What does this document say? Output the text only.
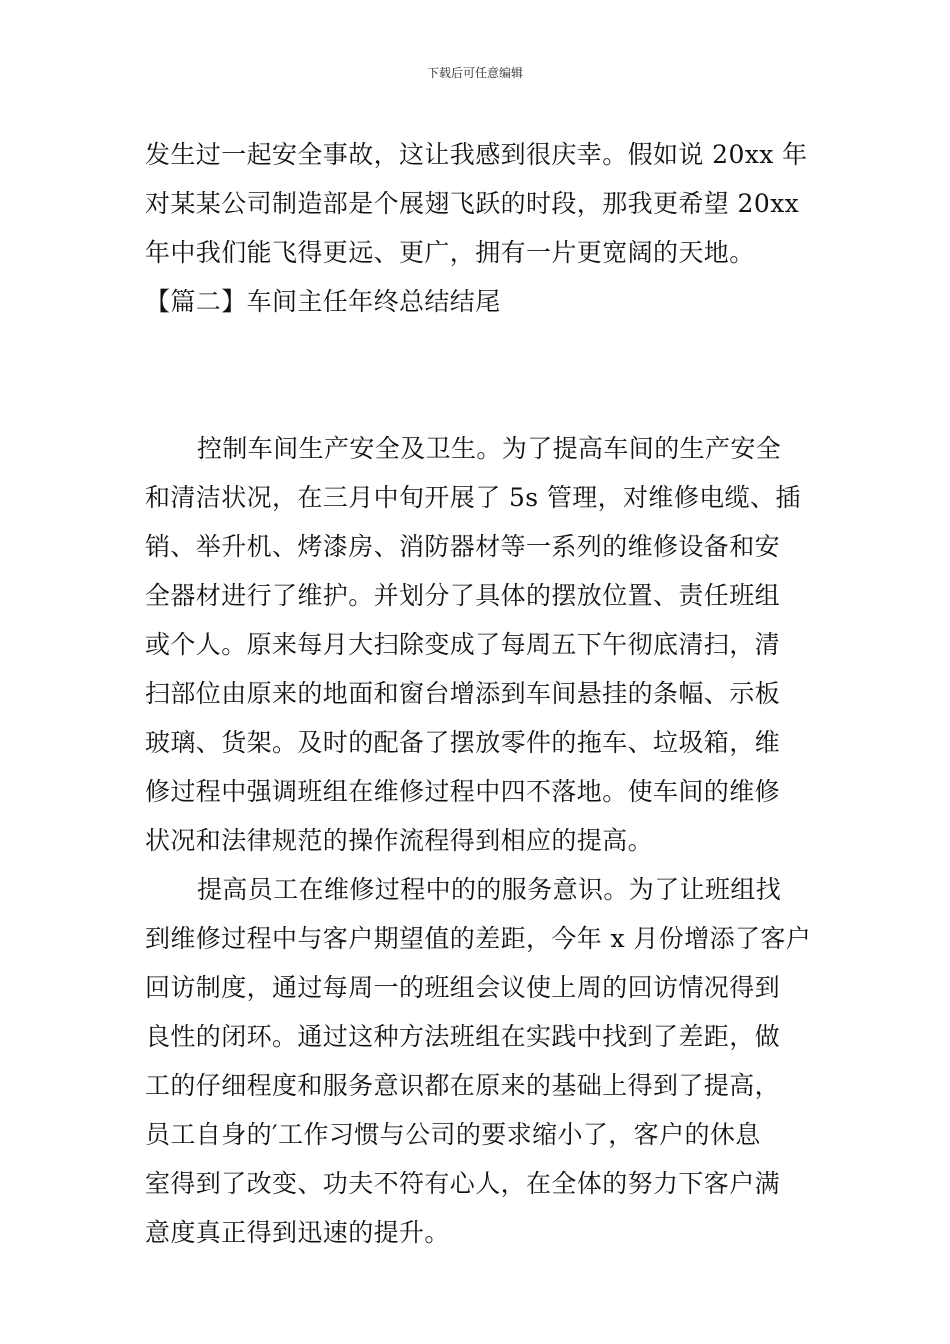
下载后可任意编辑
发生过一起安全事故，这让我感到很庆幸。假如说 20xx 年
对某某公司制造部是个展翅飞跃的时段，那我更希望 20xx
年中我们能飞得更远、更广，拥有一片更宽阔的天地。
【篇二】车间主任年终总结结尾
控制车间生产安全及卫生。为了提高车间的生产安全
和清洁状况，在三月中旬开展了 5s 管理，对维修电缆、插
销、举升机、烤漆房、消防器材等一系列的维修设备和安
全器材进行了维护。并划分了具体的摆放位置、责任班组
或个人。原来每月大扫除变成了每周五下午彻底清扫，清
扫部位由原来的地面和窗台增添到车间悬挂的条幅、示板
玻璃、货架。及时的配备了摆放零件的拖车、垃圾箱，维
修过程中强调班组在维修过程中四不落地。使车间的维修
状况和法律规范的操作流程得到相应的提高。
提高员工在维修过程中的的服务意识。为了让班组找
到维修过程中与客户期望值的差距，今年 x 月份增添了客户
回访制度，通过每周一的班组会议使上周的回访情况得到
良性的闭环。通过这种方法班组在实践中找到了差距，做
工的仔细程度和服务意识都在原来的基础上得到了提高，
员工自身的′工作习惯与公司的要求缩小了，客户的休息
室得到了改变、功夫不符有心人，在全体的努力下客户满
意度真正得到迅速的提升。
